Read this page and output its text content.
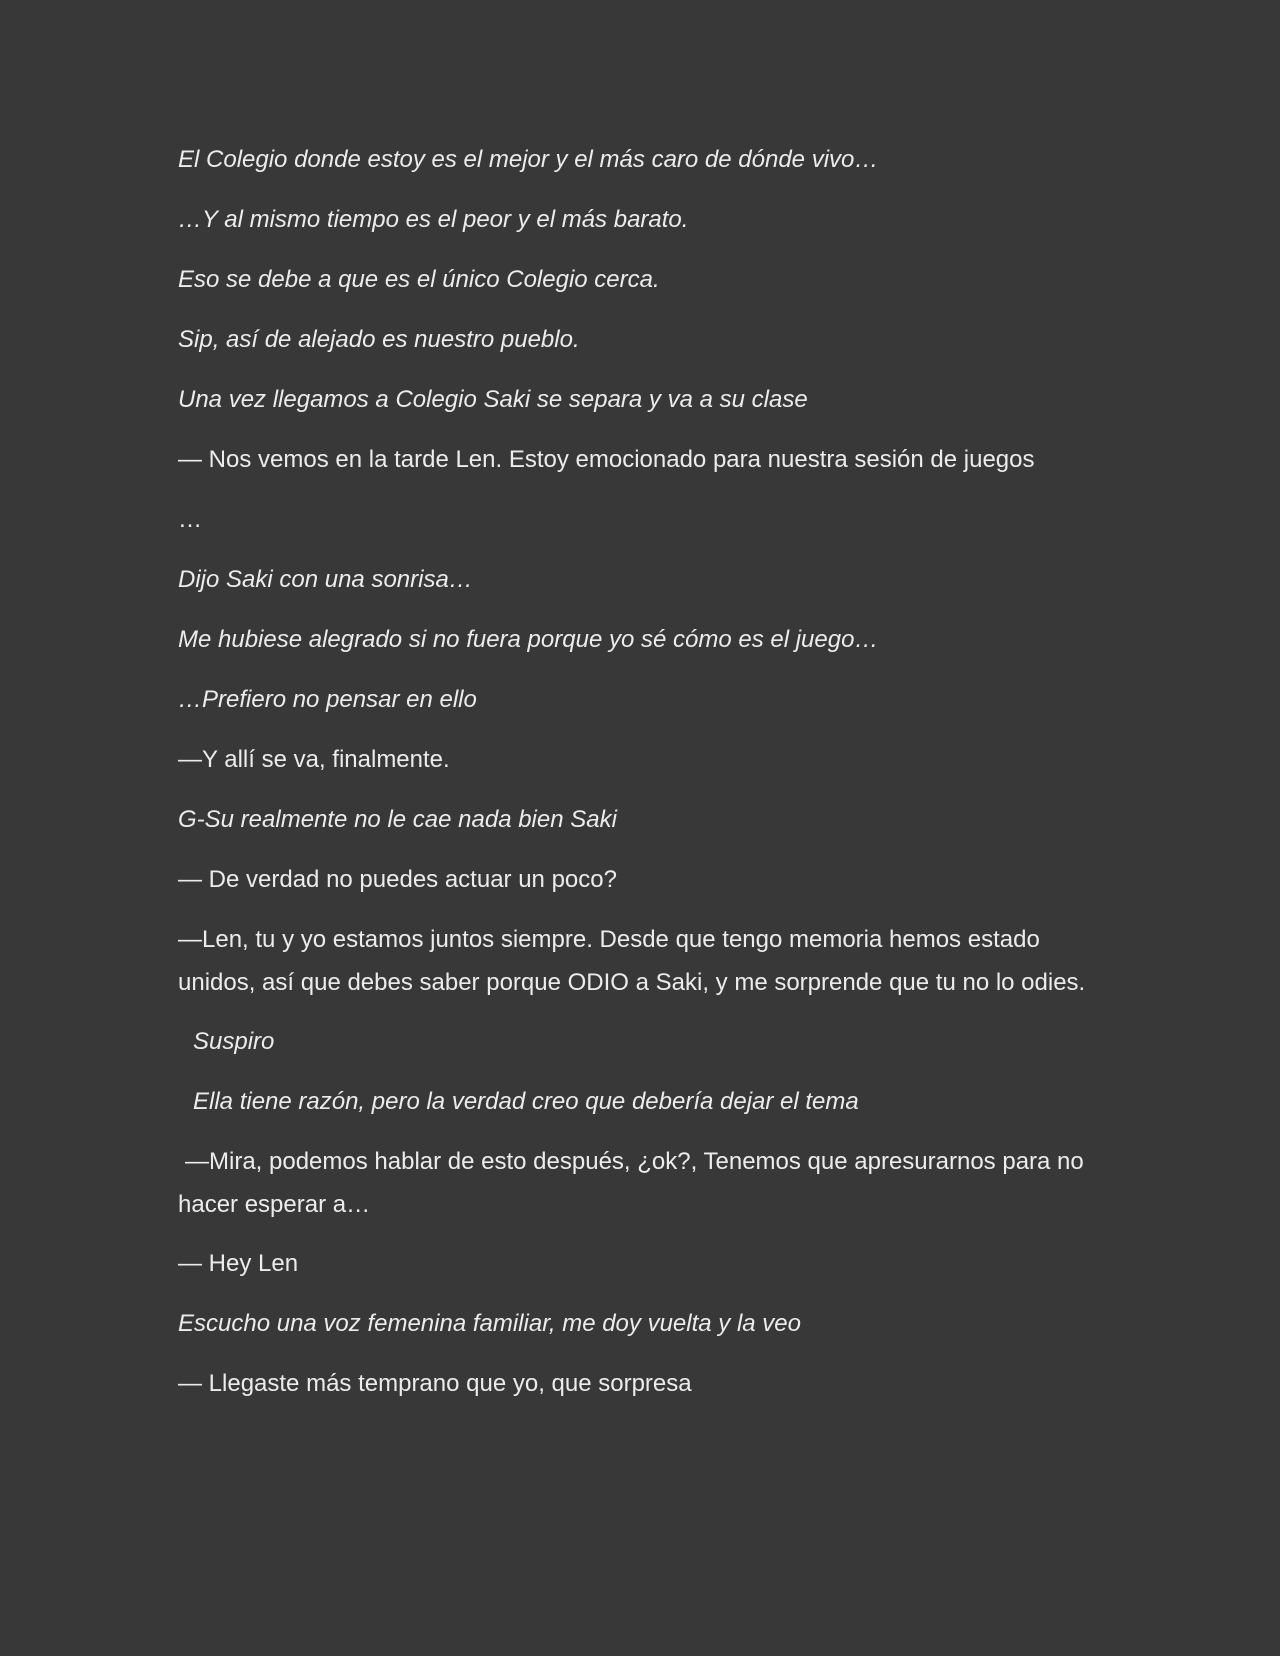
El Colegio donde estoy es el mejor y el más caro de dónde vivo…

…Y al mismo tiempo es el peor y el más barato.

Eso se debe a que es el único Colegio cerca.

Sip, así de alejado es nuestro pueblo.

Una vez llegamos a Colegio Saki se separa y va a su clase

— Nos vemos en la tarde Len. Estoy emocionado para nuestra sesión de juegos

…

Dijo Saki con una sonrisa…

Me hubiese alegrado si no fuera porque yo sé cómo es el juego…

…Prefiero no pensar en ello

—Y allí se va, finalmente.

G-Su realmente no le cae nada bien Saki

— De verdad no puedes actuar un poco?

—Len, tu y yo estamos juntos siempre. Desde que tengo memoria hemos estado unidos, así que debes saber porque ODIO a Saki, y me sorprende que tu no lo odies.

Suspiro

Ella tiene razón, pero la verdad creo que debería dejar el tema

—Mira, podemos hablar de esto después, ¿ok?, Tenemos que apresurarnos para no hacer esperar a…

— Hey Len

Escucho una voz femenina familiar, me doy vuelta y la veo

— Llegaste más temprano que yo, que sorpresa
